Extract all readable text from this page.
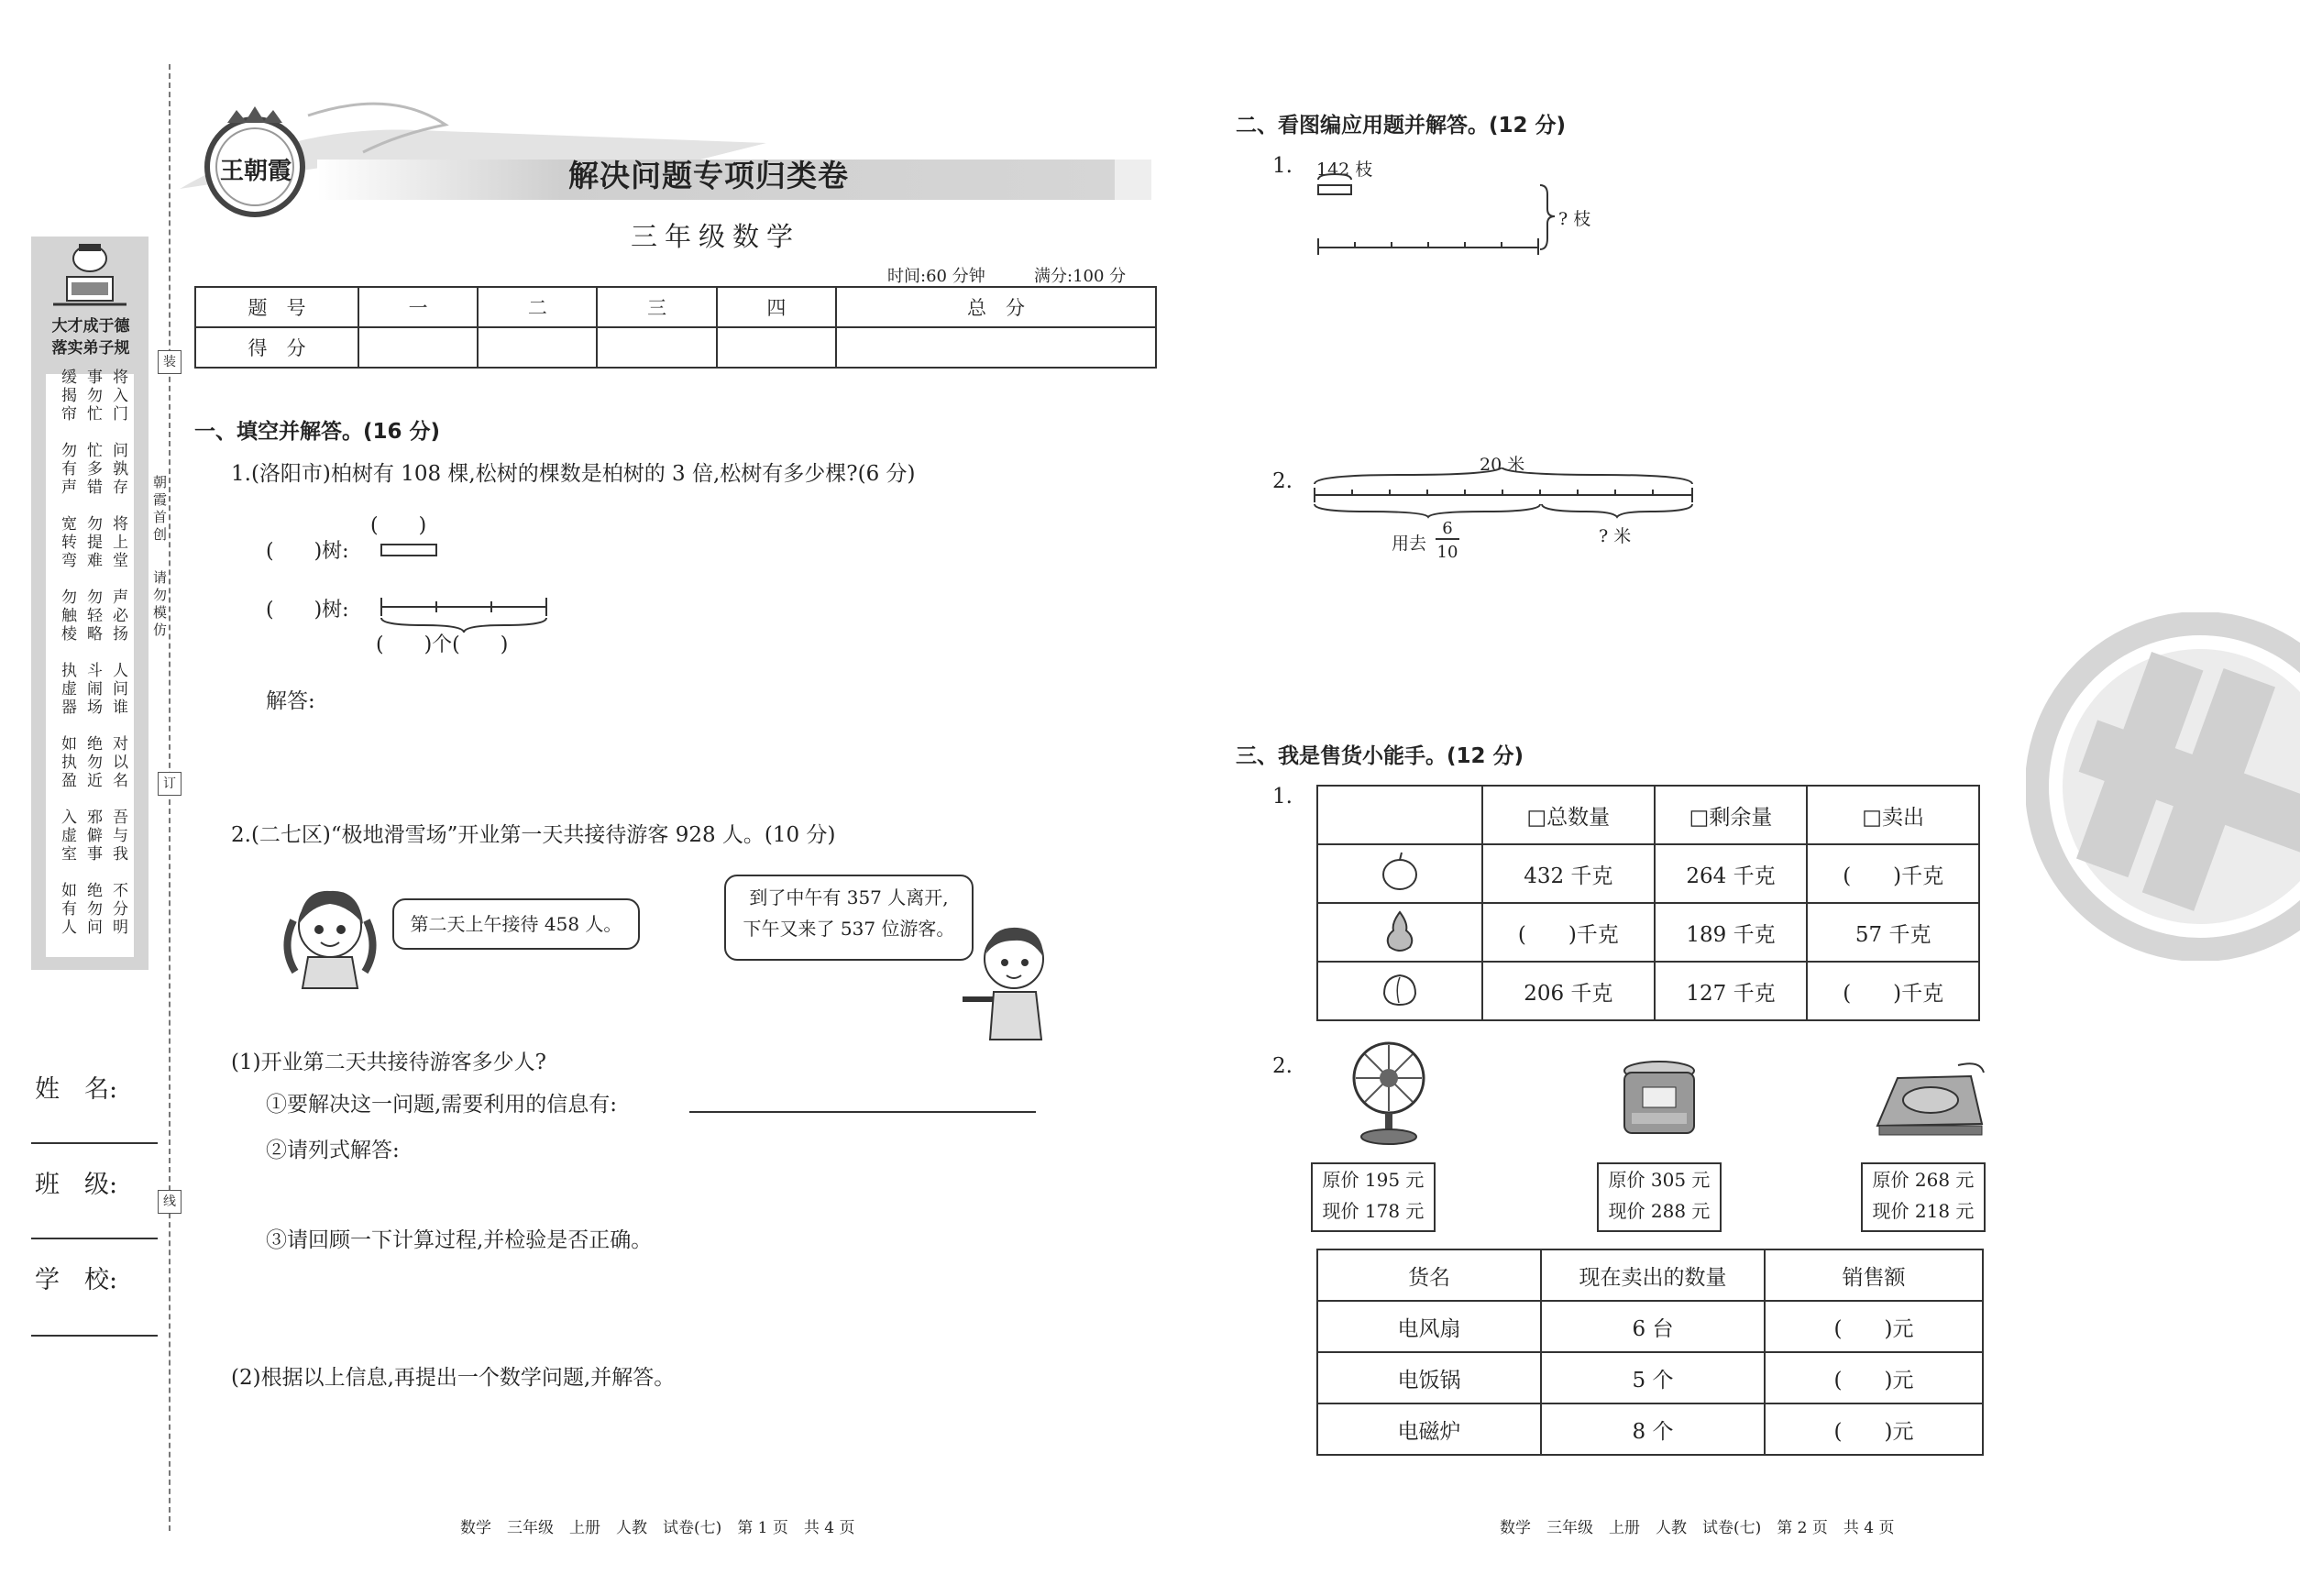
大才成于德
落实弟子规
将入门
事勿忙
缓揭帘
问孰存
忙多错
勿有声
将上堂
勿提难
宽转弯
声必扬
勿轻略
勿触棱
人问谁
斗闹场
执虚器
对以名
绝勿近
如执盈
吾与我
邪僻事
入虚室
不分明
绝勿问
如有人
姓　名:
班　级:
学　校:
装
订
线
朝霞首创
请勿模仿
王朝霞	解决问题专项归类卷
三年级数学
时间:60 分钟	满分:100 分
题　号	一	二	三	四	总　分
得　分					
一、填空并解答。(16 分)
1.(洛阳市)柏树有 108 棵,松树的棵数是柏树的 3 倍,松树有多少棵?(6 分)
(　　)
(　　)树:
(　　)树:
(　　)个(　　)
解答:
2.(二七区)“极地滑雪场”开业第一天共接待游客 928 人。(10 分)
第二天上午接待 458 人。
到了中午有 357 人离开,
下午又来了 537 位游客。
(1)开业第二天共接待游客多少人?
①要解决这一问题,需要利用的信息有:
②请列式解答:
③请回顾一下计算过程,并检验是否正确。
(2)根据以上信息,再提出一个数学问题,并解答。
数学　三年级　上册　人教　试卷(七)　第 1 页　共 4 页
二、看图编应用题并解答。(12 分)
1. 142 枝
? 枝
2.
20 米
用去
6
10
? 米
三、我是售货小能手。(12 分)
1.
	□总数量	□剩余量	□卖出
	432 千克	264 千克	(　　)千克
	(　　)千克	189 千克	57 千克
	206 千克	127 千克	(　　)千克
2.
原价 195 元
现价 178 元
原价 305 元
现价 288 元
原价 268 元
现价 218 元
货名	现在卖出的数量	销售额
电风扇	6 台	(　　)元
电饭锅	5 个	(　　)元
电磁炉	8 个	(　　)元
数学　三年级　上册　人教　试卷(七)　第 2 页　共 4 页
